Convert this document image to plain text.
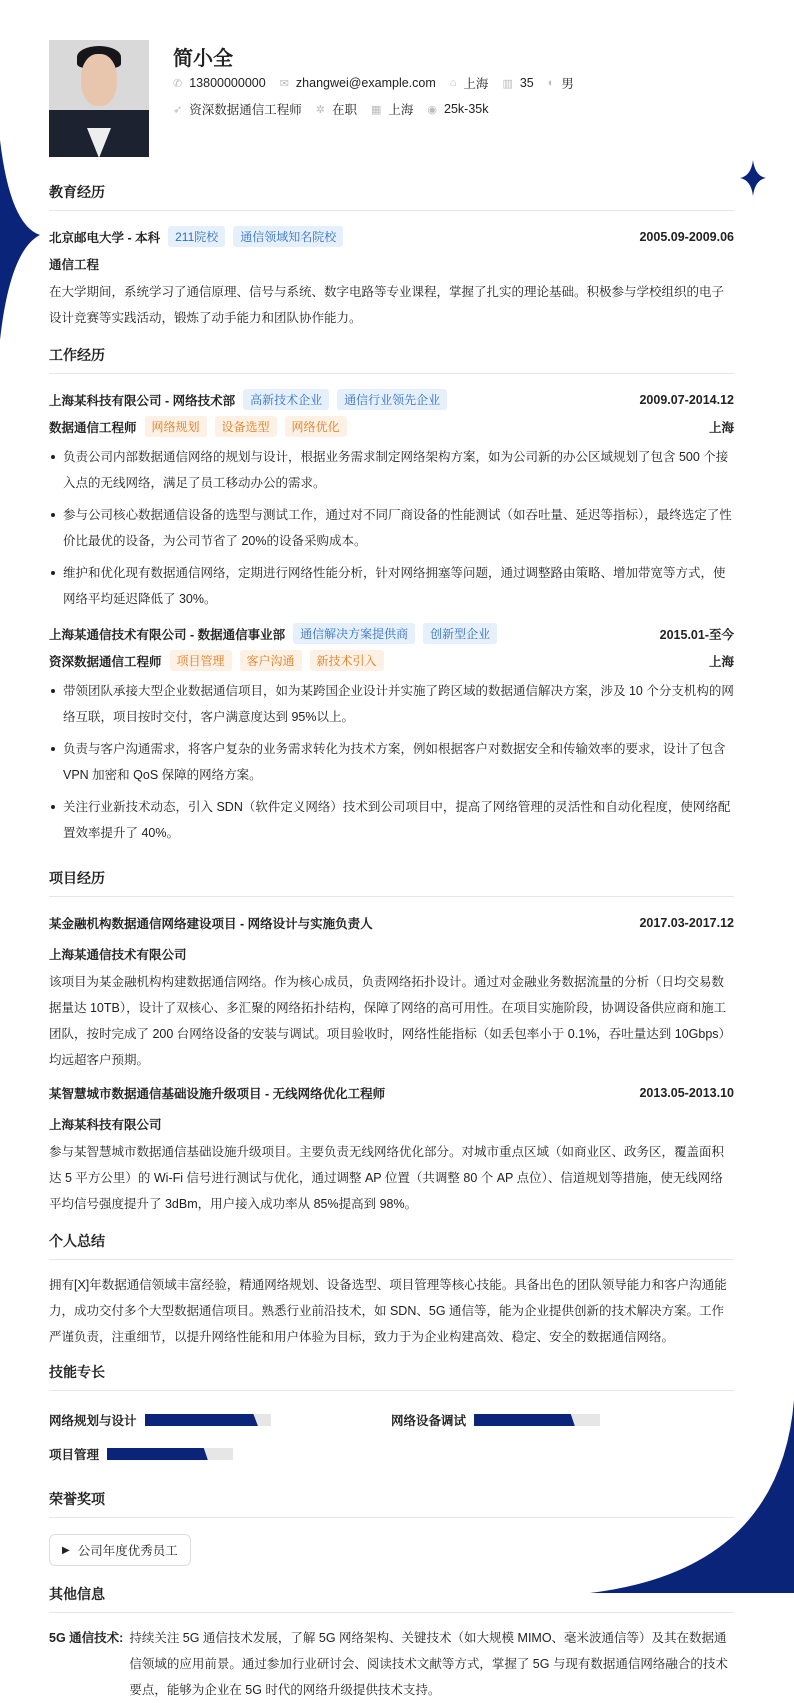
简小全
✆ 13800000000 ✉ zhangwei@example.com ⌂ 上海 ▥ 35 ◐ 男
➶ 资深数据通信工程师 ✲ 在职 ▦ 上海 ◉ 25k-35k
教育经历
北京邮电大学 - 本科	211院校	通信领域知名院校	2005.09-2009.06
通信工程

在大学期间，系统学习了通信原理、信号与系统、数字电路等专业课程，掌握了扎实的理论基础。积极参与学校组织的电子设计竞赛等实践活动，锻炼了动手能力和团队协作能力。

工作经历
上海某科技有限公司 - 网络技术部	高新技术企业	通信行业领先企业	2009.07-2014.12
数据通信工程师	网络规划	设备选型	网络优化	上海
负责公司内部数据通信网络的规划与设计，根据业务需求制定网络架构方案，如为公司新的办公区域规划了包含 500 个接入点的无线网络，满足了员工移动办公的需求。
参与公司核心数据通信设备的选型与测试工作，通过对不同厂商设备的性能测试（如吞吐量、延迟等指标），最终选定了性价比最优的设备，为公司节省了 20%的设备采购成本。
维护和优化现有数据通信网络，定期进行网络性能分析，针对网络拥塞等问题，通过调整路由策略、增加带宽等方式，使网络平均延迟降低了 30%。
上海某通信技术有限公司 - 数据通信事业部	通信解决方案提供商	创新型企业	2015.01-至今
资深数据通信工程师	项目管理	客户沟通	新技术引入	上海
带领团队承接大型企业数据通信项目，如为某跨国企业设计并实施了跨区域的数据通信解决方案，涉及 10 个分支机构的网络互联，项目按时交付，客户满意度达到 95%以上。
负责与客户沟通需求，将客户复杂的业务需求转化为技术方案，例如根据客户对数据安全和传输效率的要求，设计了包含 VPN 加密和 QoS 保障的网络方案。
关注行业新技术动态，引入 SDN（软件定义网络）技术到公司项目中，提高了网络管理的灵活性和自动化程度，使网络配置效率提升了 40%。
项目经历
某金融机构数据通信网络建设项目 - 网络设计与实施负责人	2017.03-2017.12
上海某通信技术有限公司

该项目为某金融机构构建数据通信网络。作为核心成员，负责网络拓扑设计。通过对金融业务数据流量的分析（日均交易数据量达 10TB），设计了双核心、多汇聚的网络拓扑结构，保障了网络的高可用性。在项目实施阶段，协调设备供应商和施工团队，按时完成了 200 台网络设备的安装与调试。项目验收时，网络性能指标（如丢包率小于 0.1%，吞吐量达到 10Gbps）均远超客户预期。

某智慧城市数据通信基础设施升级项目 - 无线网络优化工程师	2013.05-2013.10
上海某科技有限公司

参与某智慧城市数据通信基础设施升级项目。主要负责无线网络优化部分。对城市重点区域（如商业区、政务区，覆盖面积达 5 平方公里）的 Wi-Fi 信号进行测试与优化，通过调整 AP 位置（共调整 80 个 AP 点位）、信道规划等措施，使无线网络平均信号强度提升了 3dBm，用户接入成功率从 85%提高到 98%。

个人总结

拥有[X]年数据通信领域丰富经验，精通网络规划、设备选型、项目管理等核心技能。具备出色的团队领导能力和客户沟通能力，成功交付多个大型数据通信项目。熟悉行业前沿技术，如 SDN、5G 通信等，能为企业提供创新的技术解决方案。工作严谨负责，注重细节，以提升网络性能和用户体验为目标，致力于为企业构建高效、稳定、安全的数据通信网络。

技能专长
网络规划与设计	网络设备调试
项目管理
荣誉奖项
▶ 公司年度优秀员工
其他信息
5G 通信技术: 持续关注 5G 通信技术发展，了解 5G 网络架构、关键技术（如大规模 MIMO、毫米波通信等）及其在数据通信领域的应用前景。通过参加行业研讨会、阅读技术文献等方式，掌握了 5G 与现有数据通信网络融合的技术要点，能够为企业在 5G 时代的网络升级提供技术支持。
